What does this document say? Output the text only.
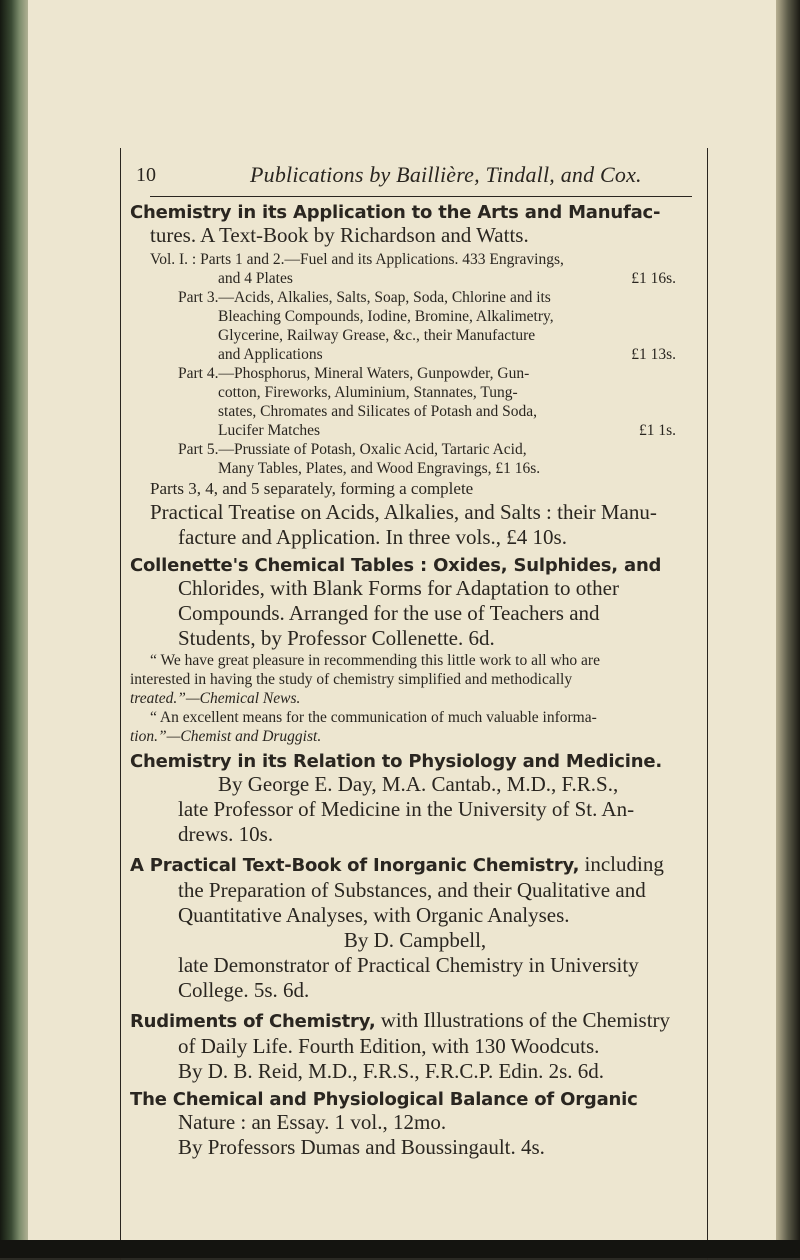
10	Publications by Baillière, Tindall, and Cox.

Chemistry in its Application to the Arts and Manufac-

tures. A Text-Book by Richardson and Watts.

Vol. I. : Parts 1 and 2.—Fuel and its Applications. 433 Engravings,

and 4 Plates	£1 16s.

Part 3.—Acids, Alkalies, Salts, Soap, Soda, Chlorine and its

Bleaching Compounds, Iodine, Bromine, Alkalimetry,

Glycerine, Railway Grease, &c., their Manufacture

and Applications	£1 13s.

Part 4.—Phosphorus, Mineral Waters, Gunpowder, Gun-

cotton, Fireworks, Aluminium, Stannates, Tung-

states, Chromates and Silicates of Potash and Soda,

Lucifer Matches	£1 1s.

Part 5.—Prussiate of Potash, Oxalic Acid, Tartaric Acid,

Many Tables, Plates, and Wood Engravings, £1 16s.

Parts 3, 4, and 5 separately, forming a complete

Practical Treatise on Acids, Alkalies, and Salts : their Manu-

facture and Application. In three vols., £4 10s.

Collenette's Chemical Tables : Oxides, Sulphides, and

Chlorides, with Blank Forms for Adaptation to other

Compounds. Arranged for the use of Teachers and

Students, by Professor Collenette. 6d.

“ We have great pleasure in recommending this little work to all who are

interested in having the study of chemistry simplified and methodically

treated.”—Chemical News.

“ An excellent means for the communication of much valuable informa-

tion.”—Chemist and Druggist.

Chemistry in its Relation to Physiology and Medicine.

By George E. Day, M.A. Cantab., M.D., F.R.S.,

late Professor of Medicine in the University of St. An-

drews. 10s.

A Practical Text-Book of Inorganic Chemistry, including

the Preparation of Substances, and their Qualitative and

Quantitative Analyses, with Organic Analyses.

By D. Campbell,

late Demonstrator of Practical Chemistry in University

College. 5s. 6d.

Rudiments of Chemistry, with Illustrations of the Chemistry

of Daily Life. Fourth Edition, with 130 Woodcuts.

By D. B. Reid, M.D., F.R.S., F.R.C.P. Edin. 2s. 6d.

The Chemical and Physiological Balance of Organic

Nature : an Essay. 1 vol., 12mo.

By Professors Dumas and Boussingault. 4s.
